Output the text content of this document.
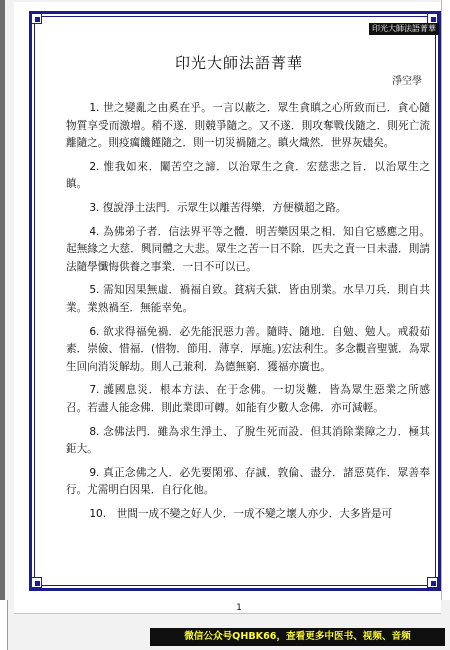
印光大師法語菁華
印光大師法語菁華
淨空學

1. 世之變亂之由奚在乎。一言以蔽之．眾生貪瞋之心所致而已．貪心隨物質享受而激增。稍不遂．則競爭隨之。又不遂．則攻奪戰伐隨之．則死亡流離隨之。則疫癘饑饉隨之．則一切災禍隨之。瞋火熾然．世界灰燼矣。

2. 惟我如來．闡苦空之諦．以治眾生之貪．宏慈悲之旨．以治眾生之瞋。

3. 復說淨土法門．示眾生以離苦得樂．方便橫超之路。

4. 為佛弟子者．信法界平等之體．明苦樂因果之相．知自它感應之用。起無緣之大慈．興同體之大悲。眾生之苦一日不除．匹夫之責一日未盡．則請法隨學懺悔供養之事業．一日不可以已。

5. 需知因果無虛．禍福自致。貧病夭獄．皆由別業。水旱刀兵．則自共業。業熟禍至．無能幸免。

6. 欲求得福免禍．必先能泯惡力善。隨時、隨地．自勉、勉人。戒殺茹素．崇儉、惜福．(惜物．節用．薄享．厚施。)宏法利生。多念觀音聖號．為眾生回向消災解劫。則人己兼利．為德無窮．獲福亦廣也。

7. 護國息災．根本方法、在于念佛。一切災難．皆為眾生惡業之所感召。若盡人能念佛．則此業即可轉。如能有少數人念佛．亦可減輕。

8. 念佛法門．雖為求生淨土、了脫生死而設．但其消除業障之力．極其鉅大。

9. 真正念佛之人．必先要閑邪、存誠．敦倫、盡分．諸惡莫作．眾善奉行。尤需明白因果．自行化他。

10.　世間一成不變之好人少．一成不變之壞人亦少．大多皆是可

1
微信公众号QHBK66，查看更多中医书、视频、音频
